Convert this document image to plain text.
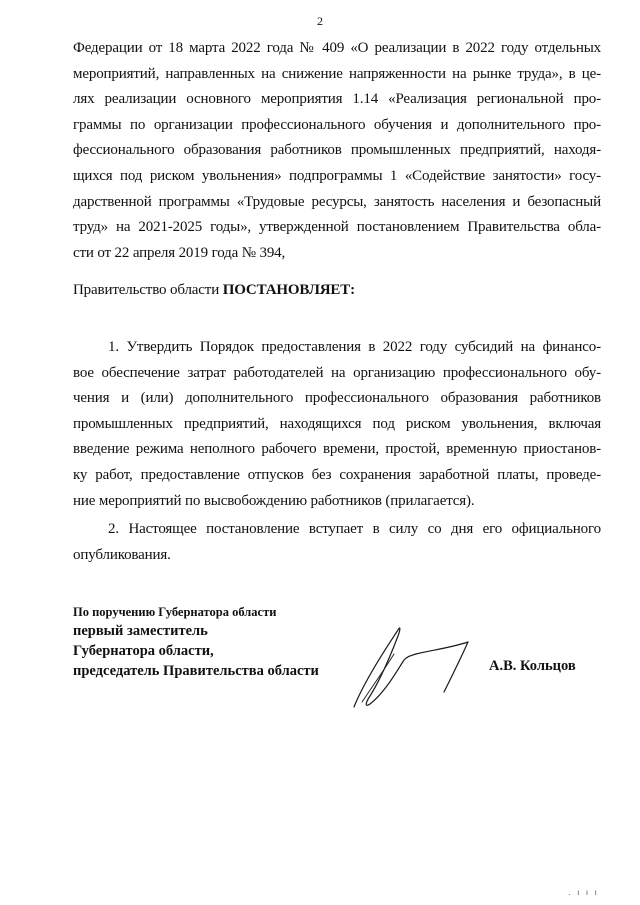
2
Федерации от 18 марта 2022 года № 409 «О реализации в 2022 году отдельных
мероприятий, направленных на снижение напряженности на рынке труда», в це-
лях реализации основного мероприятия 1.14 «Реализация региональной про-
граммы по организации профессионального обучения и дополнительного про-
фессионального образования работников промышленных предприятий, находя-
щихся под риском увольнения» подпрограммы 1 «Содействие занятости» госу-
дарственной программы «Трудовые ресурсы, занятость населения и безопасный
труд» на 2021-2025 годы», утвержденной постановлением Правительства обла-
сти от 22 апреля 2019 года № 394,
Правительство области ПОСТАНОВЛЯЕТ:
1. Утвердить Порядок предоставления в 2022 году субсидий на финансо-
вое обеспечение затрат работодателей на организацию профессионального обу-
чения и (или) дополнительного профессионального образования работников
промышленных предприятий, находящихся под риском увольнения, включая
введение режима неполного рабочего времени, простой, временную приостанов-
ку работ, предоставление отпусков без сохранения заработной платы, проведе-
ние мероприятий по высвобождению работников (прилагается).
2. Настоящее постановление вступает в силу со дня его официального
опубликования.
По поручению Губернатора области
первый заместитель
Губернатора области,
председатель Правительства области	А.В. Кольцов
. ı ı ı
